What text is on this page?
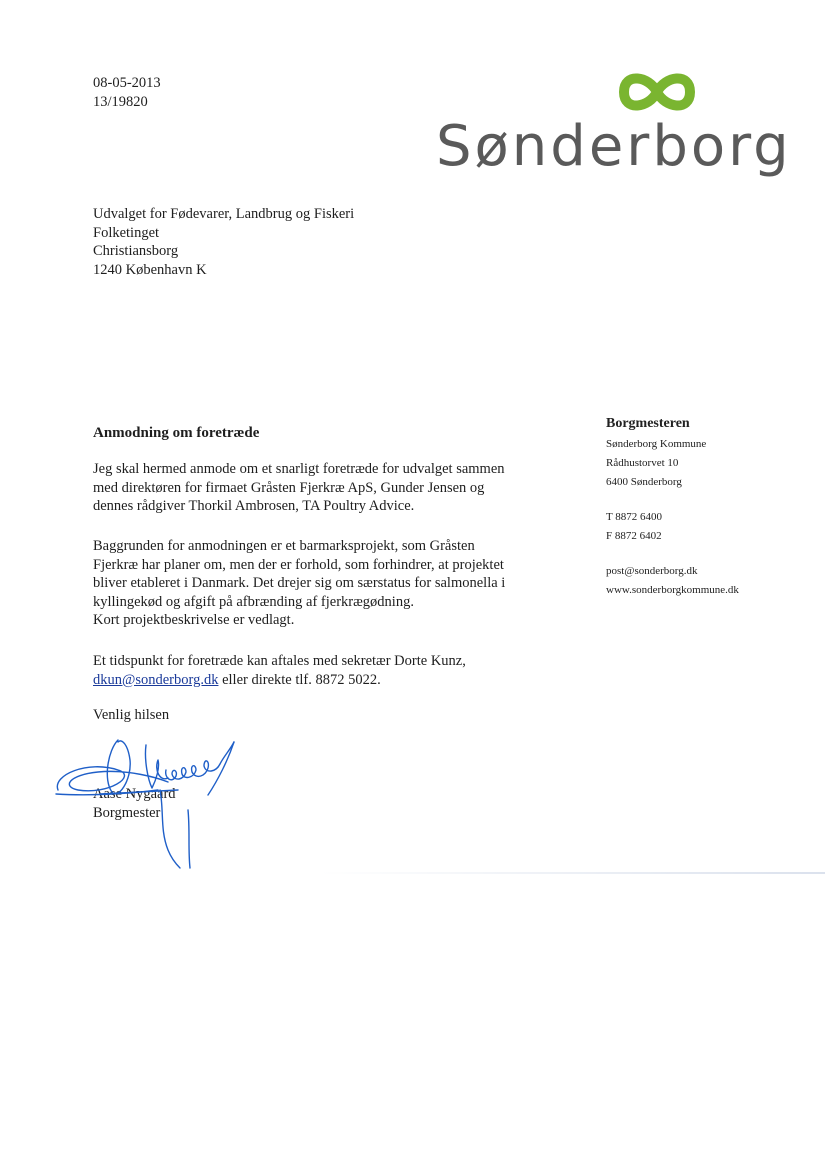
08-05-2013
13/19820
Sønderborg
Udvalget for Fødevarer, Landbrug og Fiskeri
Folketinget
Christiansborg
1240 København K
Anmodning om foretræde
Jeg skal hermed anmode om et snarligt foretræde for udvalget sammen
med direktøren for firmaet Gråsten Fjerkræ ApS, Gunder Jensen og
dennes rådgiver Thorkil Ambrosen, TA Poultry Advice.
Baggrunden for anmodningen er et barmarksprojekt, som Gråsten
Fjerkræ har planer om, men der er forhold, som forhindrer, at projektet
bliver etableret i Danmark. Det drejer sig om særstatus for salmonella i
kyllingekød og afgift på afbrænding af fjerkrægødning.
Kort projektbeskrivelse er vedlagt.
Et tidspunkt for foretræde kan aftales med sekretær Dorte Kunz,
dkun@sonderborg.dk eller direkte tlf. 8872 5022.
Venlig hilsen
Aase Nygaard
Borgmester
Borgmesteren
Sønderborg Kommune
Rådhustorvet 10
6400 Sønderborg
T 8872 6400
F 8872 6402
post@sonderborg.dk
www.sonderborgkommune.dk
